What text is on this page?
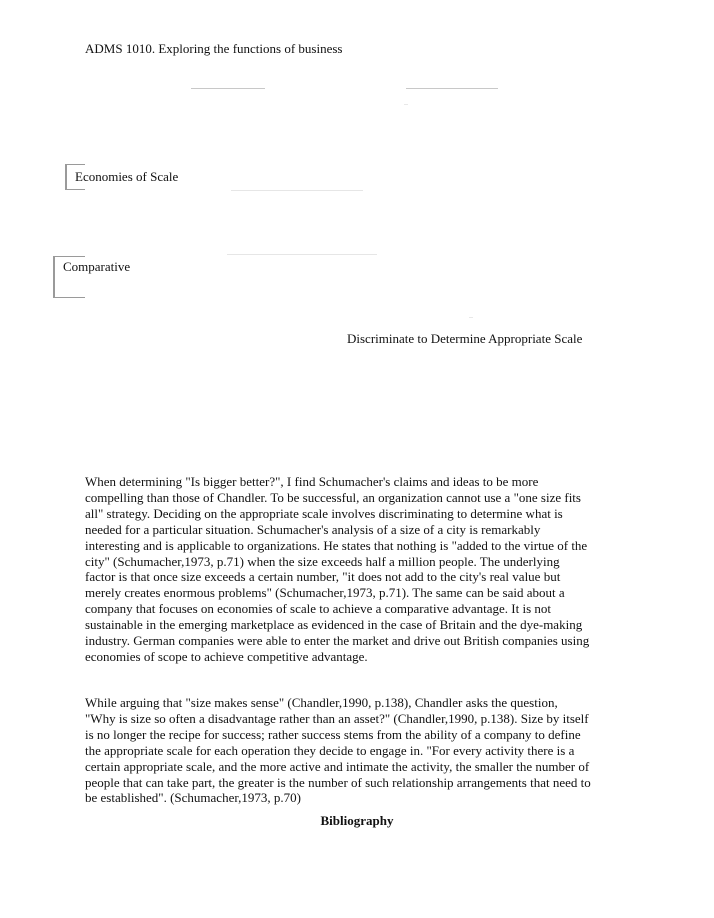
ADMS 1010. Exploring the functions of business
Economies of Scale
Comparative
Discriminate to Determine Appropriate Scale
When determining "Is bigger better?", I find Schumacher's claims and ideas to be more
compelling than those of Chandler. To be successful, an organization cannot use a "one size fits
all" strategy. Deciding on the appropriate scale involves discriminating to determine what is
needed for a particular situation. Schumacher's analysis of a size of a city is remarkably
interesting and is applicable to organizations. He states that nothing is "added to the virtue of the
city" (Schumacher,1973, p.71) when the size exceeds half a million people. The underlying
factor is that once size exceeds a certain number, "it does not add to the city's real value but
merely creates enormous problems" (Schumacher,1973, p.71). The same can be said about a
company that focuses on economies of scale to achieve a comparative advantage. It is not
sustainable in the emerging marketplace as evidenced in the case of Britain and the dye-making
industry. German companies were able to enter the market and drive out British companies using
economies of scope to achieve competitive advantage.
While arguing that "size makes sense" (Chandler,1990, p.138), Chandler asks the question,
"Why is size so often a disadvantage rather than an asset?" (Chandler,1990, p.138). Size by itself
is no longer the recipe for success; rather success stems from the ability of a company to define
the appropriate scale for each operation they decide to engage in. "For every activity there is a
certain appropriate scale, and the more active and intimate the activity, the smaller the number of
people that can take part, the greater is the number of such relationship arrangements that need to
be established". (Schumacher,1973, p.70)
Bibliography
